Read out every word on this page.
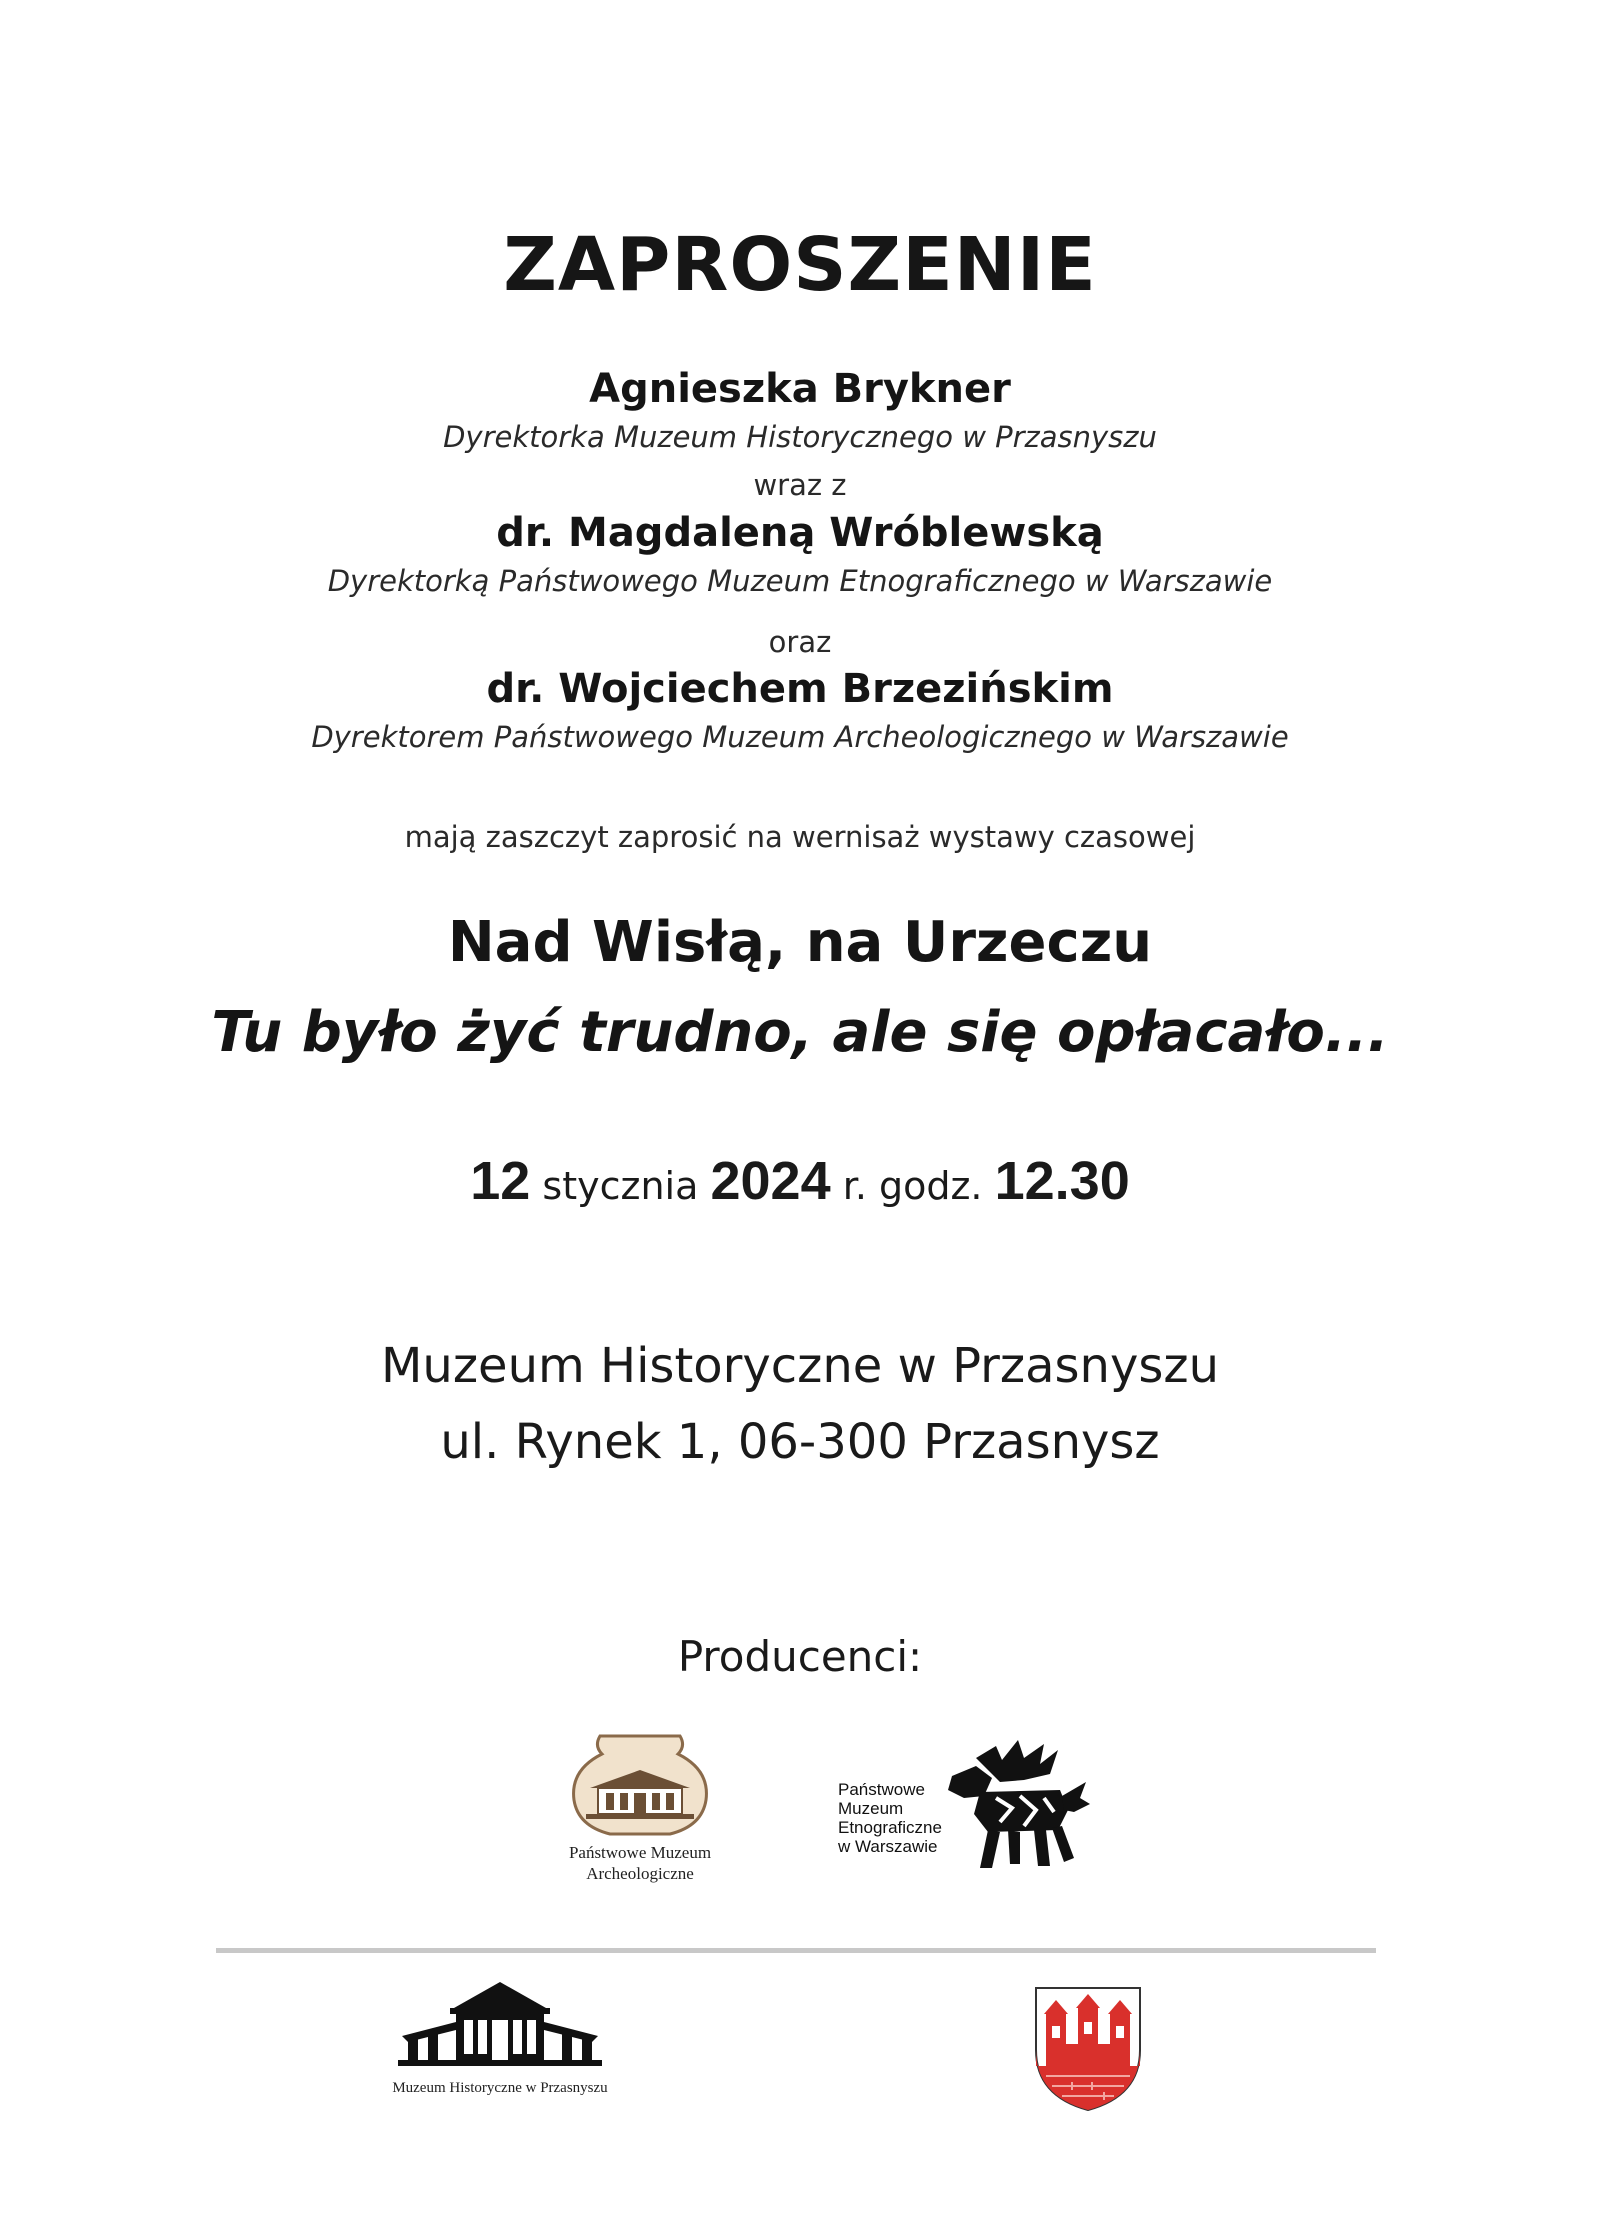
ZAPROSZENIE
Agnieszka Brykner
Dyrektorka Muzeum Historycznego w Przasnyszu
wraz z
dr. Magdaleną Wróblewską
Dyrektorką Państwowego Muzeum Etnograficznego w Warszawie
oraz
dr. Wojciechem Brzezińskim
Dyrektorem Państwowego Muzeum Archeologicznego w Warszawie
mają zaszczyt zaprosić na wernisaż wystawy czasowej
Nad Wisłą, na Urzeczu
Tu było żyć trudno, ale się opłacało...
12 stycznia 2024 r. godz. 12.30
Muzeum Historyczne w Przasnyszu
ul. Rynek 1, 06-300 Przasnysz
Producenci:
Państwowe Muzeum
Archeologiczne
Państwowe
Muzeum
Etnograficzne
w Warszawie
Muzeum Historyczne w Przasnyszu
